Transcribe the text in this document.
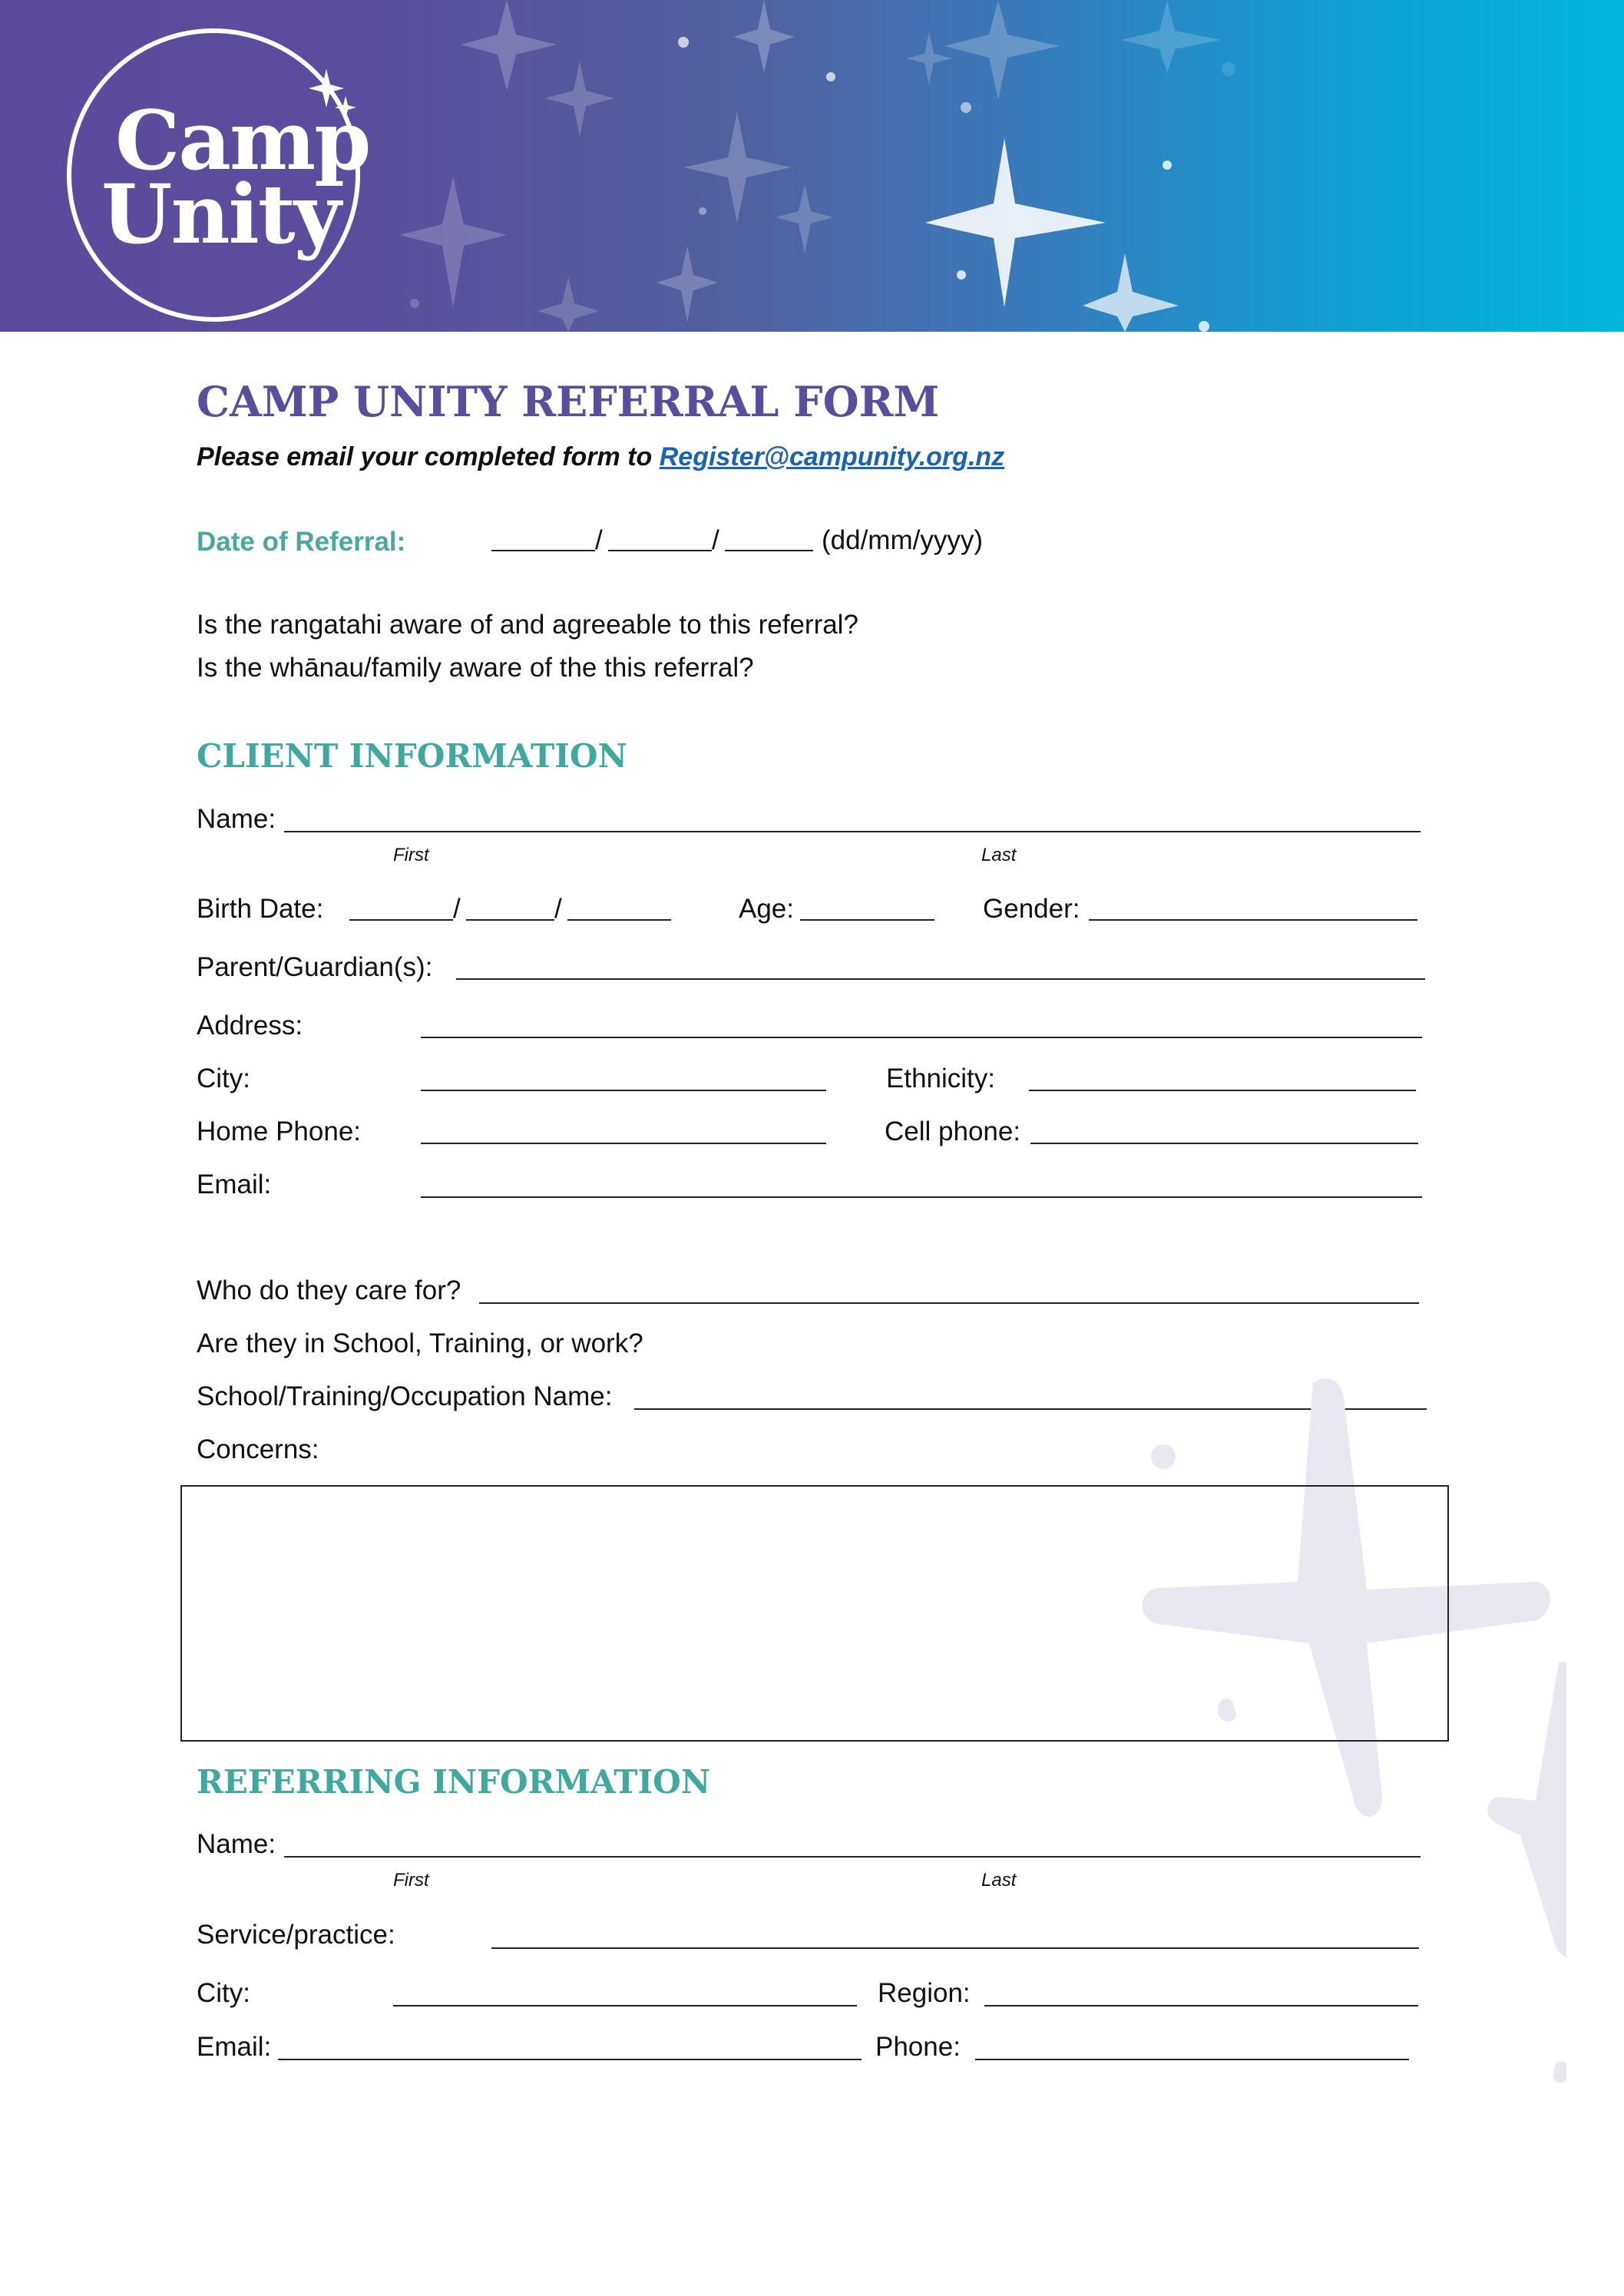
Camp
Unity
CAMP UNITY REFERRAL FORM
Please email your completed form to Register@campunity.org.nz
Date of Referral:	/	/	(dd/mm/yyyy)
Is the rangatahi aware of and agreeable to this referral?
Is the whānau/family aware of the this referral?
CLIENT INFORMATION
Name:
First	Last
Birth Date:	/	/	Age:	Gender:
Parent/Guardian(s):
Address:
City:	Ethnicity:
Home Phone:	Cell phone:
Email:
Who do they care for?
Are they in School, Training, or work?
School/Training/Occupation Name:
Concerns:
REFERRING INFORMATION
Name:
First	Last
Service/practice:
City:	Region:
Email:	Phone:
